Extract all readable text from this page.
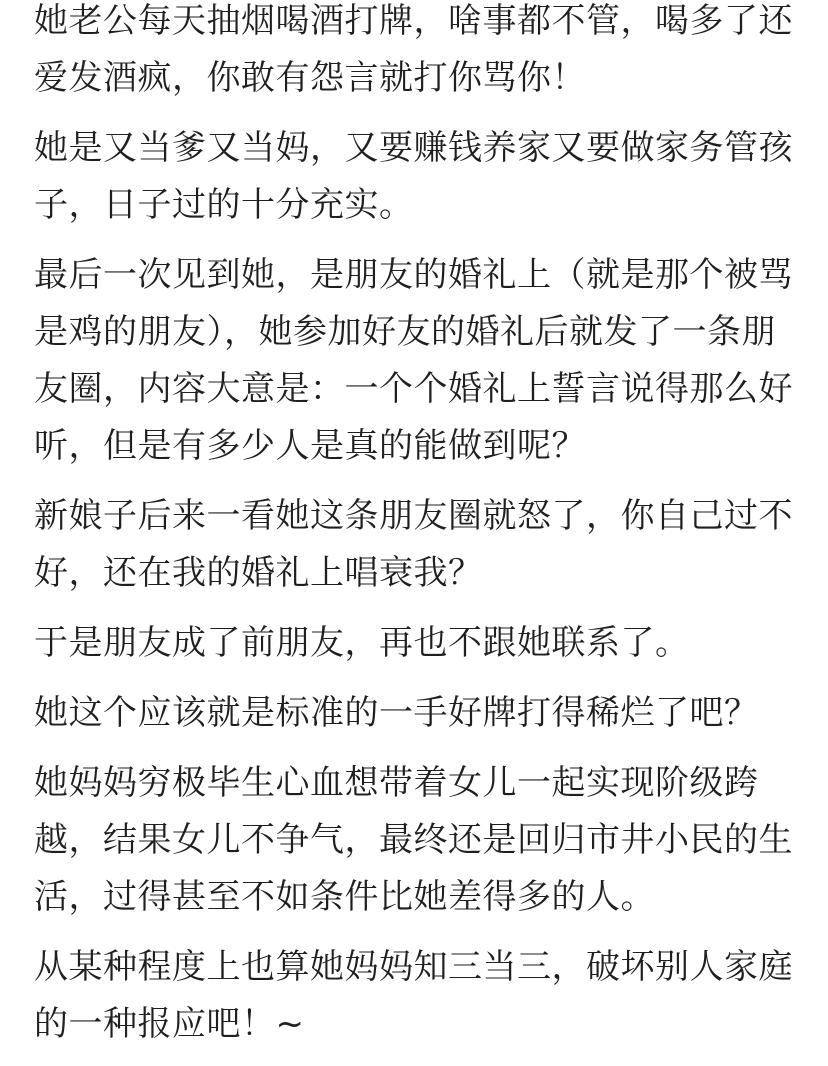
她老公每天抽烟喝酒打牌，啥事都不管，喝多了还
爱发酒疯，你敢有怨言就打你骂你！

她是又当爹又当妈，又要赚钱养家又要做家务管孩
子，日子过的十分充实。

最后一次见到她，是朋友的婚礼上（就是那个被骂
是鸡的朋友），她参加好友的婚礼后就发了一条朋
友圈，内容大意是：一个个婚礼上誓言说得那么好
听，但是有多少人是真的能做到呢？

新娘子后来一看她这条朋友圈就怒了，你自己过不
好，还在我的婚礼上唱衰我？

于是朋友成了前朋友，再也不跟她联系了。

她这个应该就是标准的一手好牌打得稀烂了吧？

她妈妈穷极毕生心血想带着女儿一起实现阶级跨
越，结果女儿不争气，最终还是回归市井小民的生
活，过得甚至不如条件比她差得多的人。

从某种程度上也算她妈妈知三当三，破坏别人家庭
的一种报应吧！~
